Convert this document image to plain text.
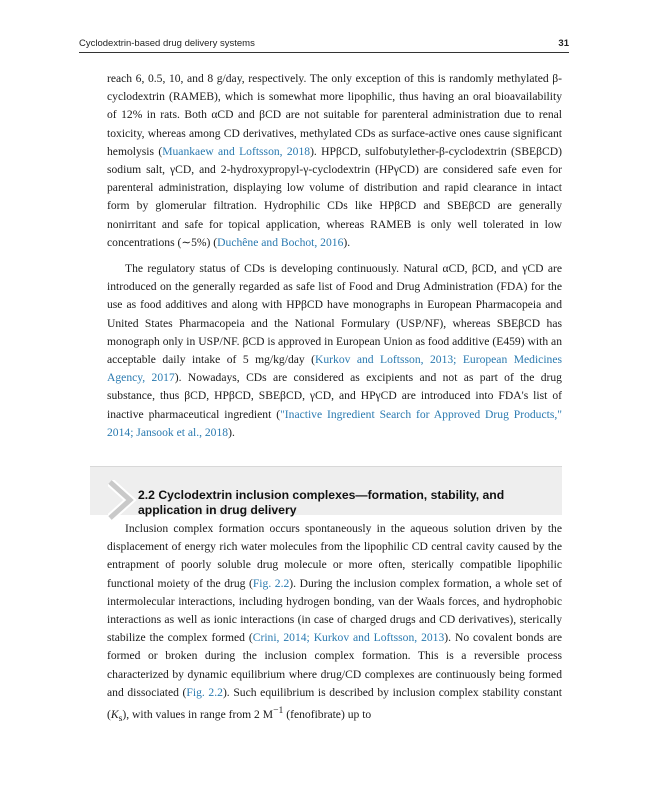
Cyclodextrin-based drug delivery systems	31

reach 6, 0.5, 10, and 8 g/day, respectively. The only exception of this is randomly methylated β-cyclodextrin (RAMEB), which is somewhat more lipophilic, thus having an oral bioavailability of 12% in rats. Both αCD and βCD are not suitable for parenteral administration due to renal toxicity, whereas among CD derivatives, methylated CDs as surface-active ones cause significant hemolysis (Muankaew and Loftsson, 2018). HPβCD, sulfobutylether-β-cyclodextrin (SBEβCD) sodium salt, γCD, and 2-hydroxypropyl-γ-cyclodextrin (HPγCD) are considered safe even for parenteral administration, displaying low volume of distribution and rapid clearance in intact form by glomerular filtration. Hydrophilic CDs like HPβCD and SBEβCD are generally nonirritant and safe for topical application, whereas RAMEB is only well tolerated in low concentrations (∼5%) (Duchêne and Bochot, 2016).

The regulatory status of CDs is developing continuously. Natural αCD, βCD, and γCD are introduced on the generally regarded as safe list of Food and Drug Administration (FDA) for the use as food additives and along with HPβCD have monographs in European Pharmacopeia and United States Pharmacopeia and the National Formulary (USP/NF), whereas SBEβCD has monograph only in USP/NF. βCD is approved in European Union as food additive (E459) with an acceptable daily intake of 5 mg/kg/day (Kurkov and Loftsson, 2013; European Medicines Agency, 2017). Nowadays, CDs are considered as excipients and not as part of the drug substance, thus βCD, HPβCD, SBEβCD, γCD, and HPγCD are introduced into FDA's list of inactive pharmaceutical ingredient ("Inactive Ingredient Search for Approved Drug Products," 2014; Jansook et al., 2018).

2.2 Cyclodextrin inclusion complexes—formation, stability, and application in drug delivery

Inclusion complex formation occurs spontaneously in the aqueous solution driven by the displacement of energy rich water molecules from the lipophilic CD central cavity caused by the entrapment of poorly soluble drug molecule or more often, sterically compatible lipophilic functional moiety of the drug (Fig. 2.2). During the inclusion complex formation, a whole set of intermolecular interactions, including hydrogen bonding, van der Waals forces, and hydrophobic interactions as well as ionic interactions (in case of charged drugs and CD derivatives), sterically stabilize the complex formed (Crini, 2014; Kurkov and Loftsson, 2013). No covalent bonds are formed or broken during the inclusion complex formation. This is a reversible process characterized by dynamic equilibrium where drug/CD complexes are continuously being formed and dissociated (Fig. 2.2). Such equilibrium is described by inclusion complex stability constant $(K_s)$, with values in range from 2 $M^{-1}$ (fenofibrate) up to
